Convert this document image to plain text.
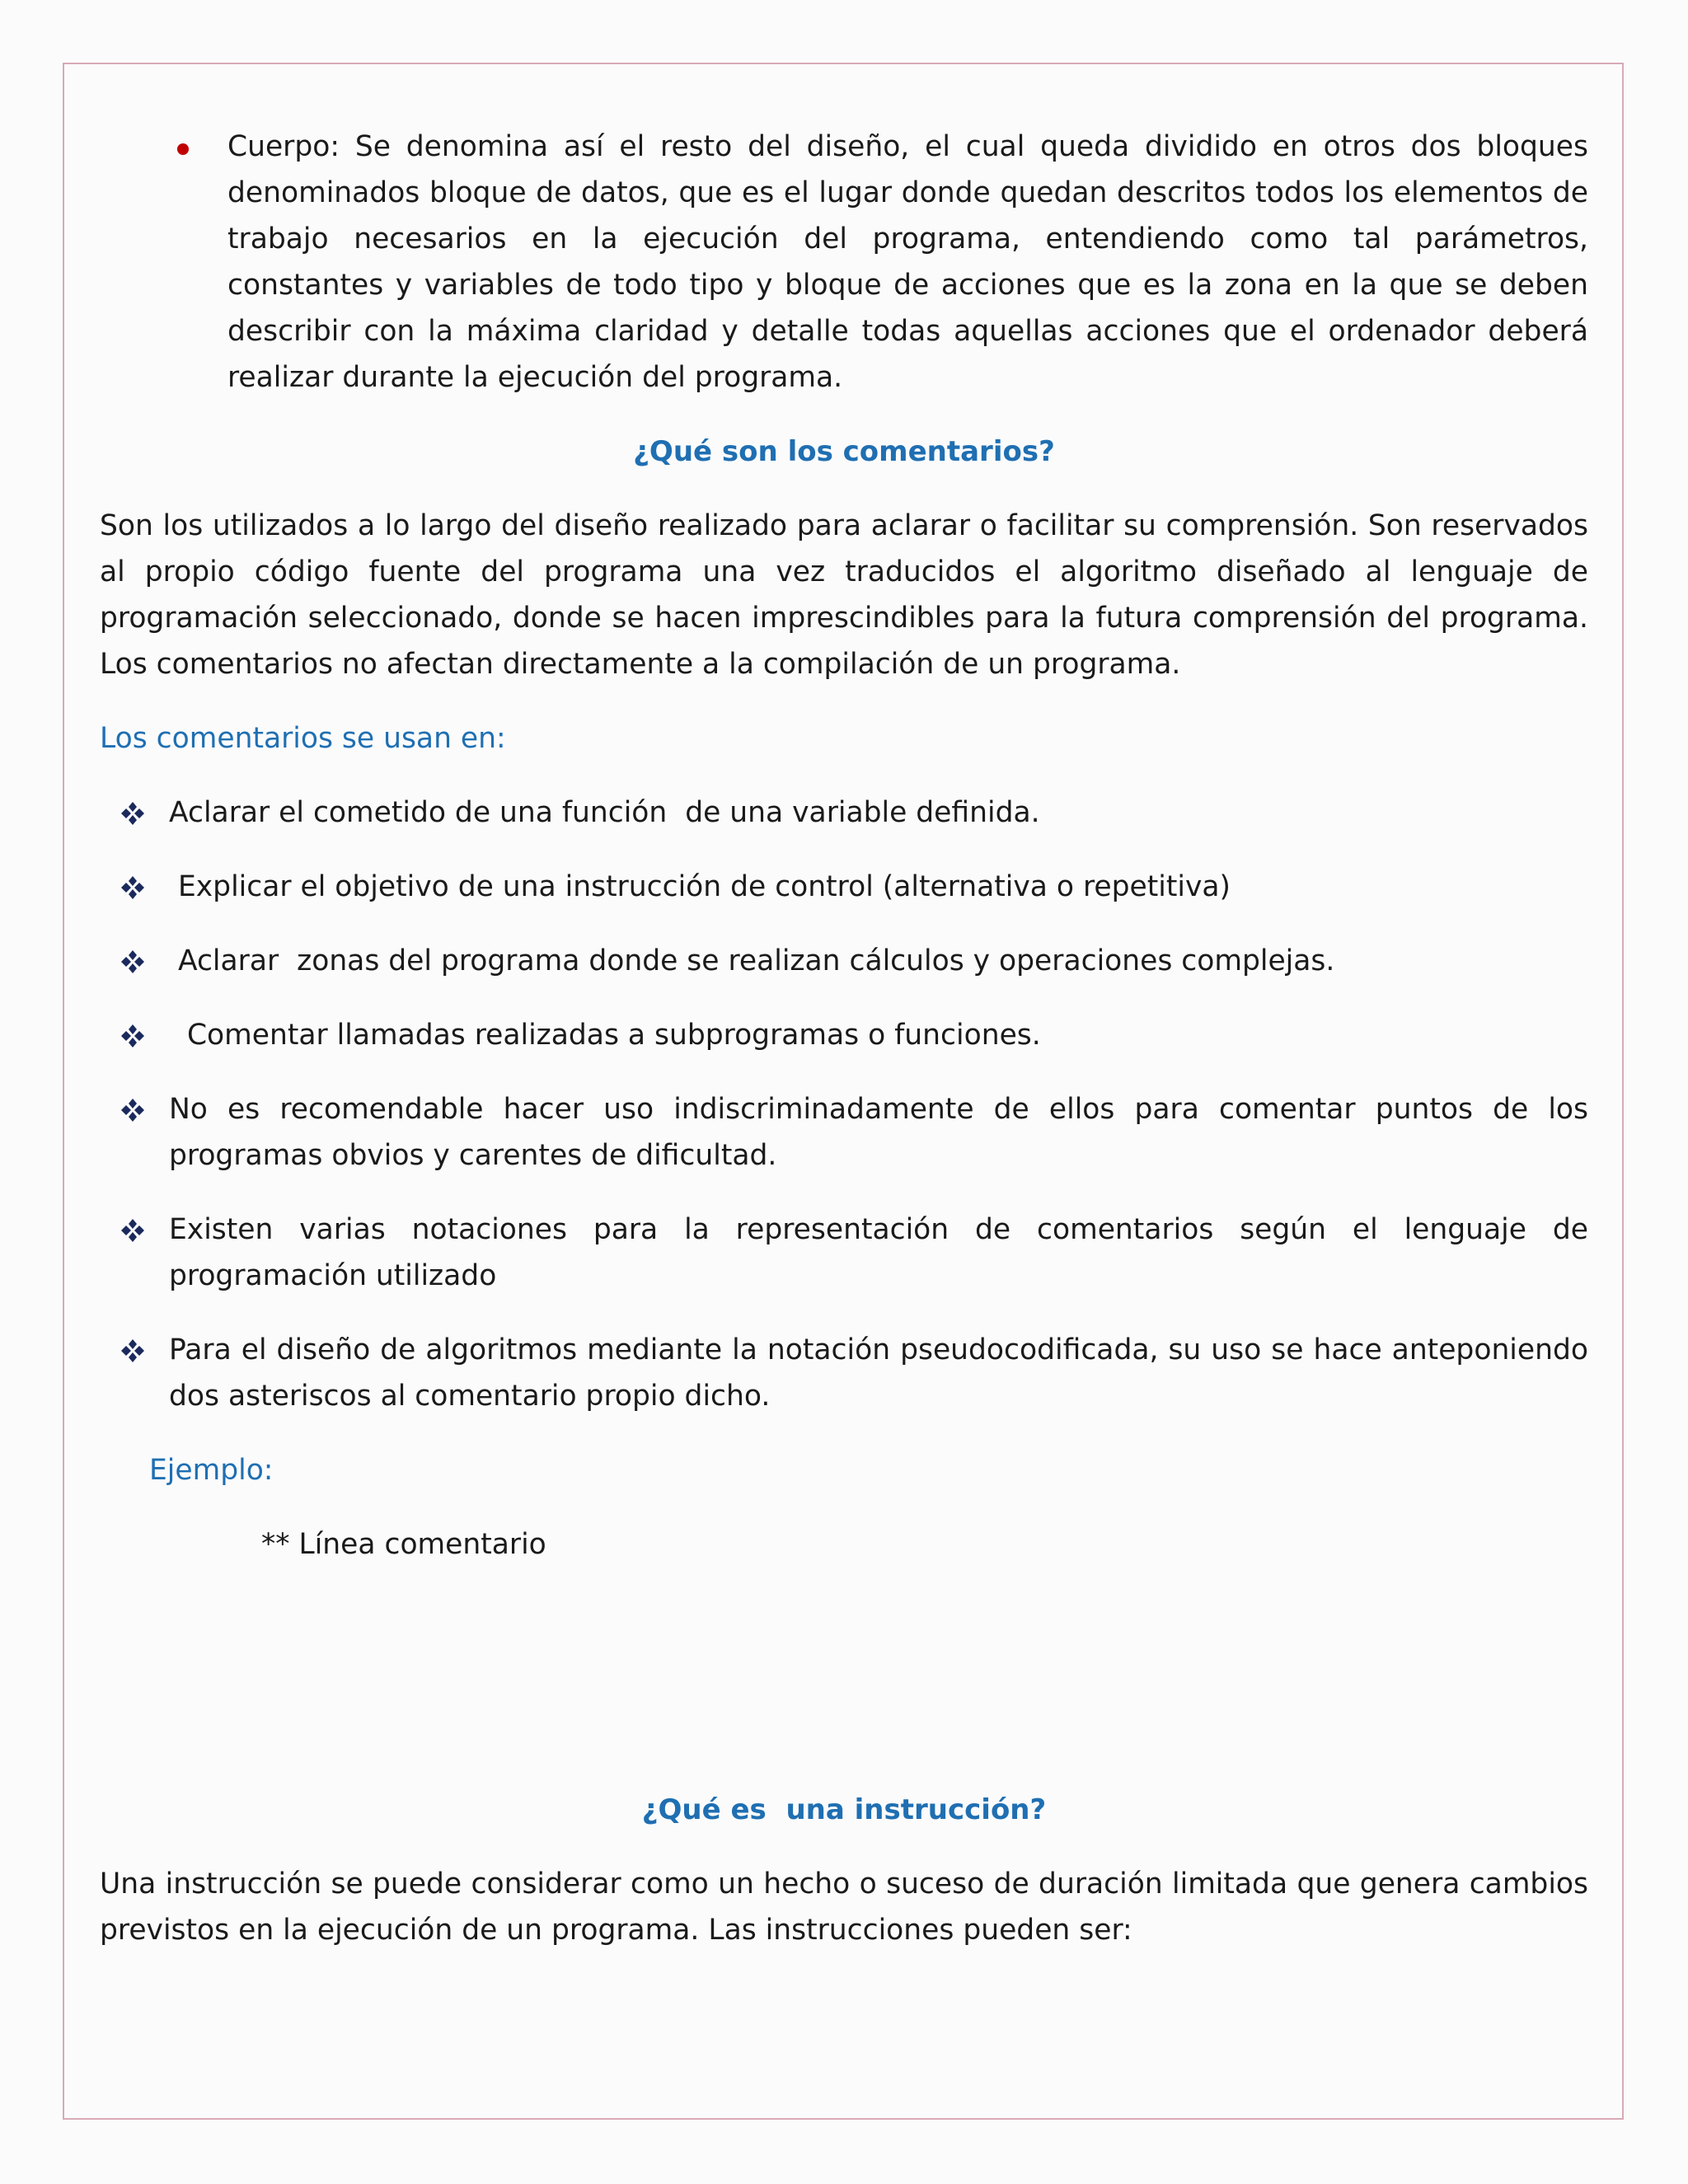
Cuerpo: Se denomina así el resto del diseño, el cual queda dividido en otros dos bloques denominados bloque de datos, que es el lugar donde quedan descritos todos los elementos de trabajo necesarios en la ejecución del programa, entendiendo como tal parámetros, constantes y variables de todo tipo y bloque de acciones que es la zona en la que se deben describir con la máxima claridad y detalle todas aquellas acciones que el ordenador deberá realizar durante la ejecución del programa.
¿Qué son los comentarios?
Son los utilizados a lo largo del diseño realizado para aclarar o facilitar su comprensión. Son reservados al propio código fuente del programa una vez traducidos el algoritmo diseñado al lenguaje de programación seleccionado, donde se hacen imprescindibles para la futura comprensión del programa. Los comentarios no afectan directamente a la compilación de un programa.
Los comentarios se usan en:
Aclarar el cometido de una función  de una variable definida.
Explicar el objetivo de una instrucción de control (alternativa o repetitiva)
Aclarar  zonas del programa donde se realizan cálculos y operaciones complejas.
Comentar llamadas realizadas a subprogramas o funciones.
No es recomendable hacer uso indiscriminadamente de ellos para comentar puntos de los programas obvios y carentes de dificultad.
Existen varias notaciones para la representación de comentarios según el lenguaje de programación utilizado
Para el diseño de algoritmos mediante la notación pseudocodificada, su uso se hace anteponiendo dos asteriscos al comentario propio dicho.
Ejemplo:
** Línea comentario
¿Qué es  una instrucción?
Una instrucción se puede considerar como un hecho o suceso de duración limitada que genera cambios previstos en la ejecución de un programa. Las instrucciones pueden ser:
